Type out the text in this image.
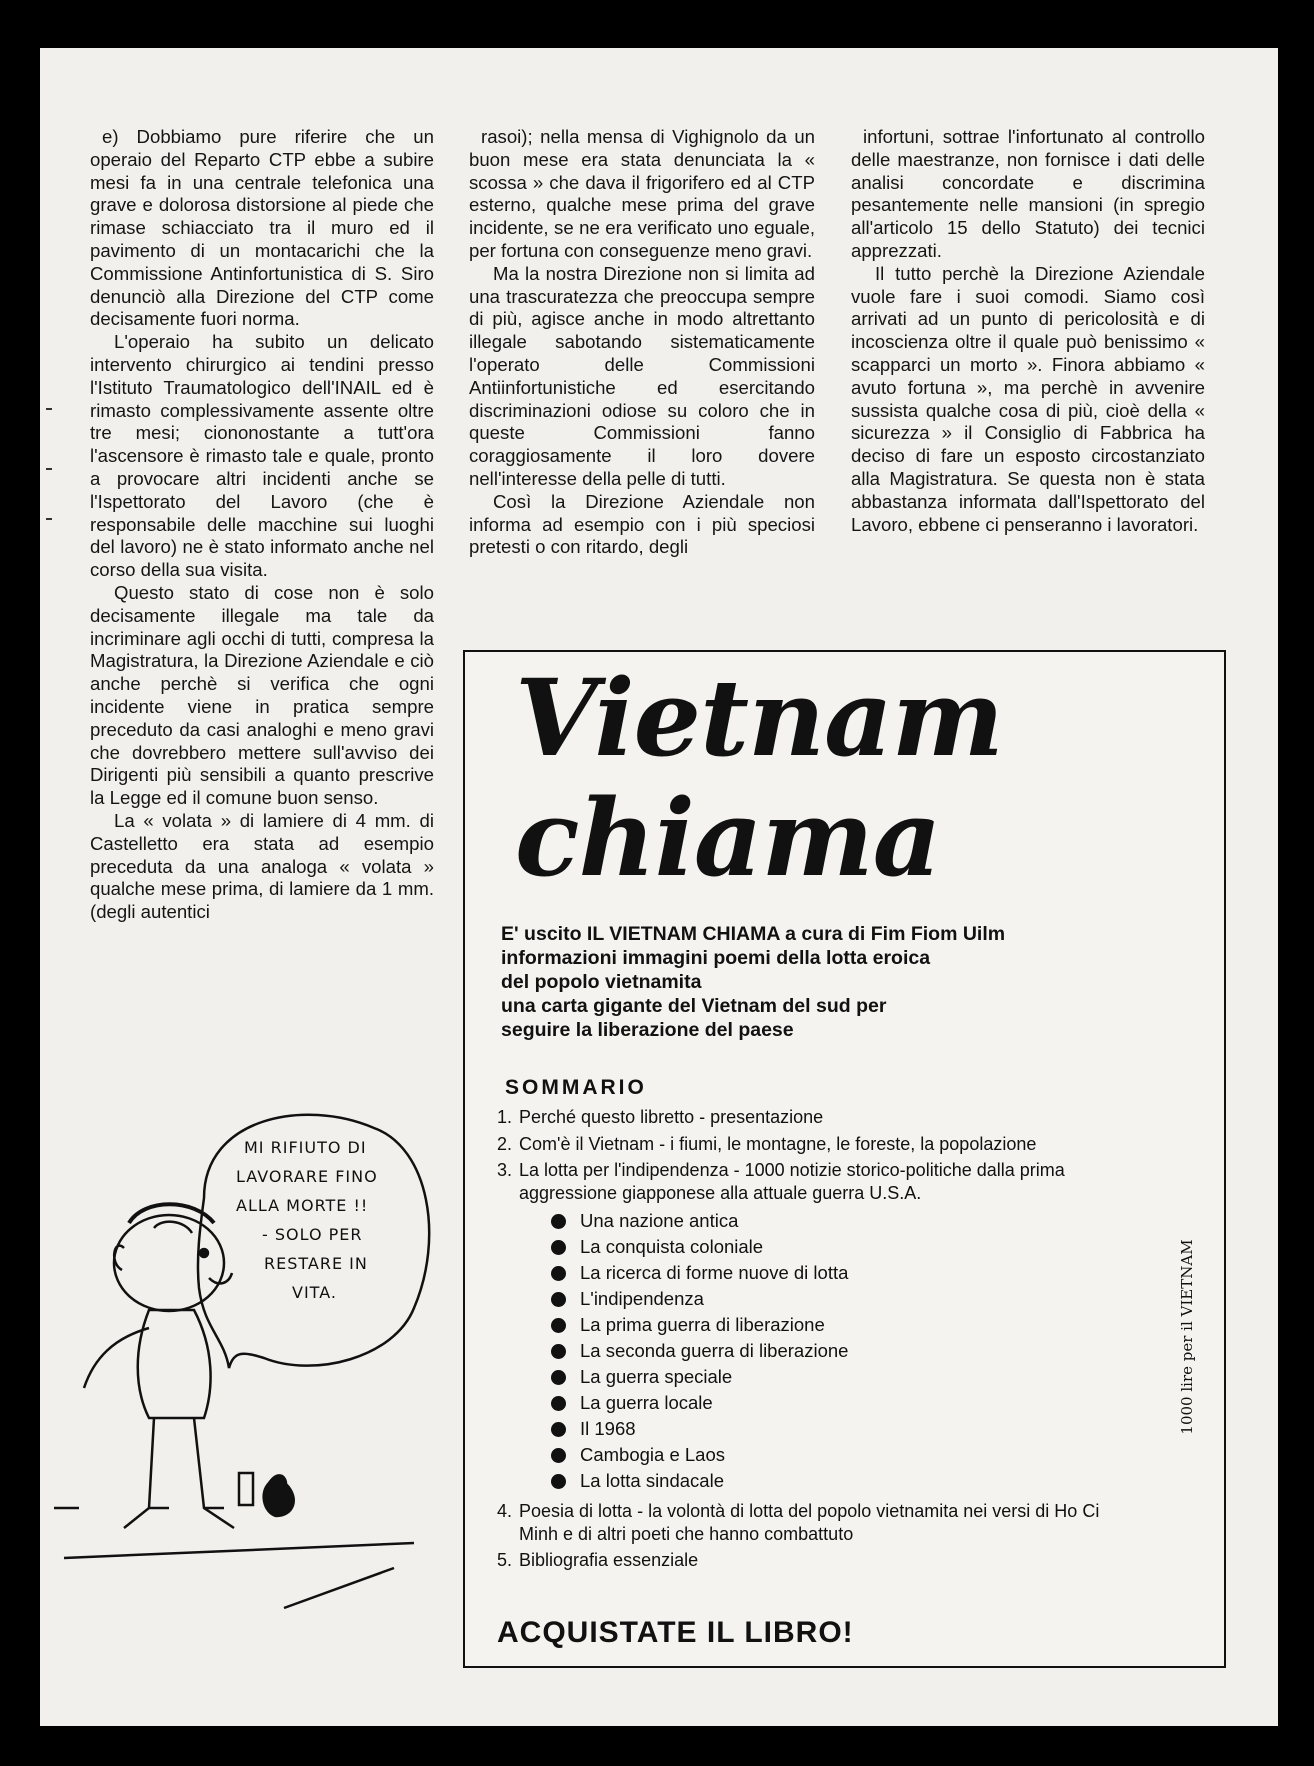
e) Dobbiamo pure riferire che un operaio del Reparto CTP ebbe a subire mesi fa in una centrale telefonica una grave e dolorosa distorsione al piede che rimase schiacciato tra il muro ed il pavimento di un montacarichi che la Commissione Antinfortunistica di S. Siro denunciò alla Direzione del CTP come decisamente fuori norma.

L'operaio ha subito un delicato intervento chirurgico ai tendini presso l'Istituto Traumatologico dell'INAIL ed è rimasto complessivamente assente oltre tre mesi; ciononostante a tutt'ora l'ascensore è rimasto tale e quale, pronto a provocare altri incidenti anche se l'Ispettorato del Lavoro (che è responsabile delle macchine sui luoghi del lavoro) ne è stato informato anche nel corso della sua visita.

Questo stato di cose non è solo decisamente illegale ma tale da incriminare agli occhi di tutti, compresa la Magistratura, la Direzione Aziendale e ciò anche perchè si verifica che ogni incidente viene in pratica sempre preceduto da casi analoghi e meno gravi che dovrebbero mettere sull'avviso dei Dirigenti più sensibili a quanto prescrive la Legge ed il comune buon senso.

La « volata » di lamiere di 4 mm. di Castelletto era stata ad esempio preceduta da una analoga « volata » qualche mese prima, di lamiere da 1 mm. (degli autentici

rasoi); nella mensa di Vighignolo da un buon mese era stata denunciata la « scossa » che dava il frigorifero ed al CTP esterno, qualche mese prima del grave incidente, se ne era verificato uno eguale, per fortuna con conseguenze meno gravi.

Ma la nostra Direzione non si limita ad una trascuratezza che preoccupa sempre di più, agisce anche in modo altrettanto illegale sabotando sistematicamente l'operato delle Commissioni Antiinfortunistiche ed esercitando discriminazioni odiose su coloro che in queste Commissioni fanno coraggiosamente il loro dovere nell'interesse della pelle di tutti.

Così la Direzione Aziendale non informa ad esempio con i più speciosi pretesti o con ritardo, degli

infortuni, sottrae l'infortunato al controllo delle maestranze, non fornisce i dati delle analisi concordate e discrimina pesantemente nelle mansioni (in spregio all'articolo 15 dello Statuto) dei tecnici apprezzati.

Il tutto perchè la Direzione Aziendale vuole fare i suoi comodi. Siamo così arrivati ad un punto di pericolosità e di incoscienza oltre il quale può benissimo « scapparci un morto ». Finora abbiamo « avuto fortuna », ma perchè in avvenire sussista qualche cosa di più, cioè della « sicurezza » il Consiglio di Fabbrica ha deciso di fare un esposto circostanziato alla Magistratura. Se questa non è stata abbastanza informata dall'Ispettorato del Lavoro, ebbene ci penseranno i lavoratori.

MI RIFIUTO DI
LAVORARE FINO
ALLA MORTE !!
- SOLO PER
RESTARE IN
VITA.
Vietnam
chiama
E' uscito IL VIETNAM CHIAMA a cura di Fim Fiom Uilm
informazioni immagini poemi della lotta eroica
del popolo vietnamita
una carta gigante del Vietnam del sud per
seguire la liberazione del paese
SOMMARIO
1. Perché questo libretto - presentazione
2. Com'è il Vietnam - i fiumi, le montagne, le foreste, la popolazione
3. La lotta per l'indipendenza - 1000 notizie storico-politiche dalla prima aggressione giapponese alla attuale guerra U.S.A.
Una nazione antica
La conquista coloniale
La ricerca di forme nuove di lotta
L'indipendenza
La prima guerra di liberazione
La seconda guerra di liberazione
La guerra speciale
La guerra locale
Il 1968
Cambogia e Laos
La lotta sindacale
4. Poesia di lotta - la volontà di lotta del popolo vietnamita nei versi di Ho Ci Minh e di altri poeti che hanno combattuto
5. Bibliografia essenziale
ACQUISTATE IL LIBRO!
1000 lire per il VIETNAM
